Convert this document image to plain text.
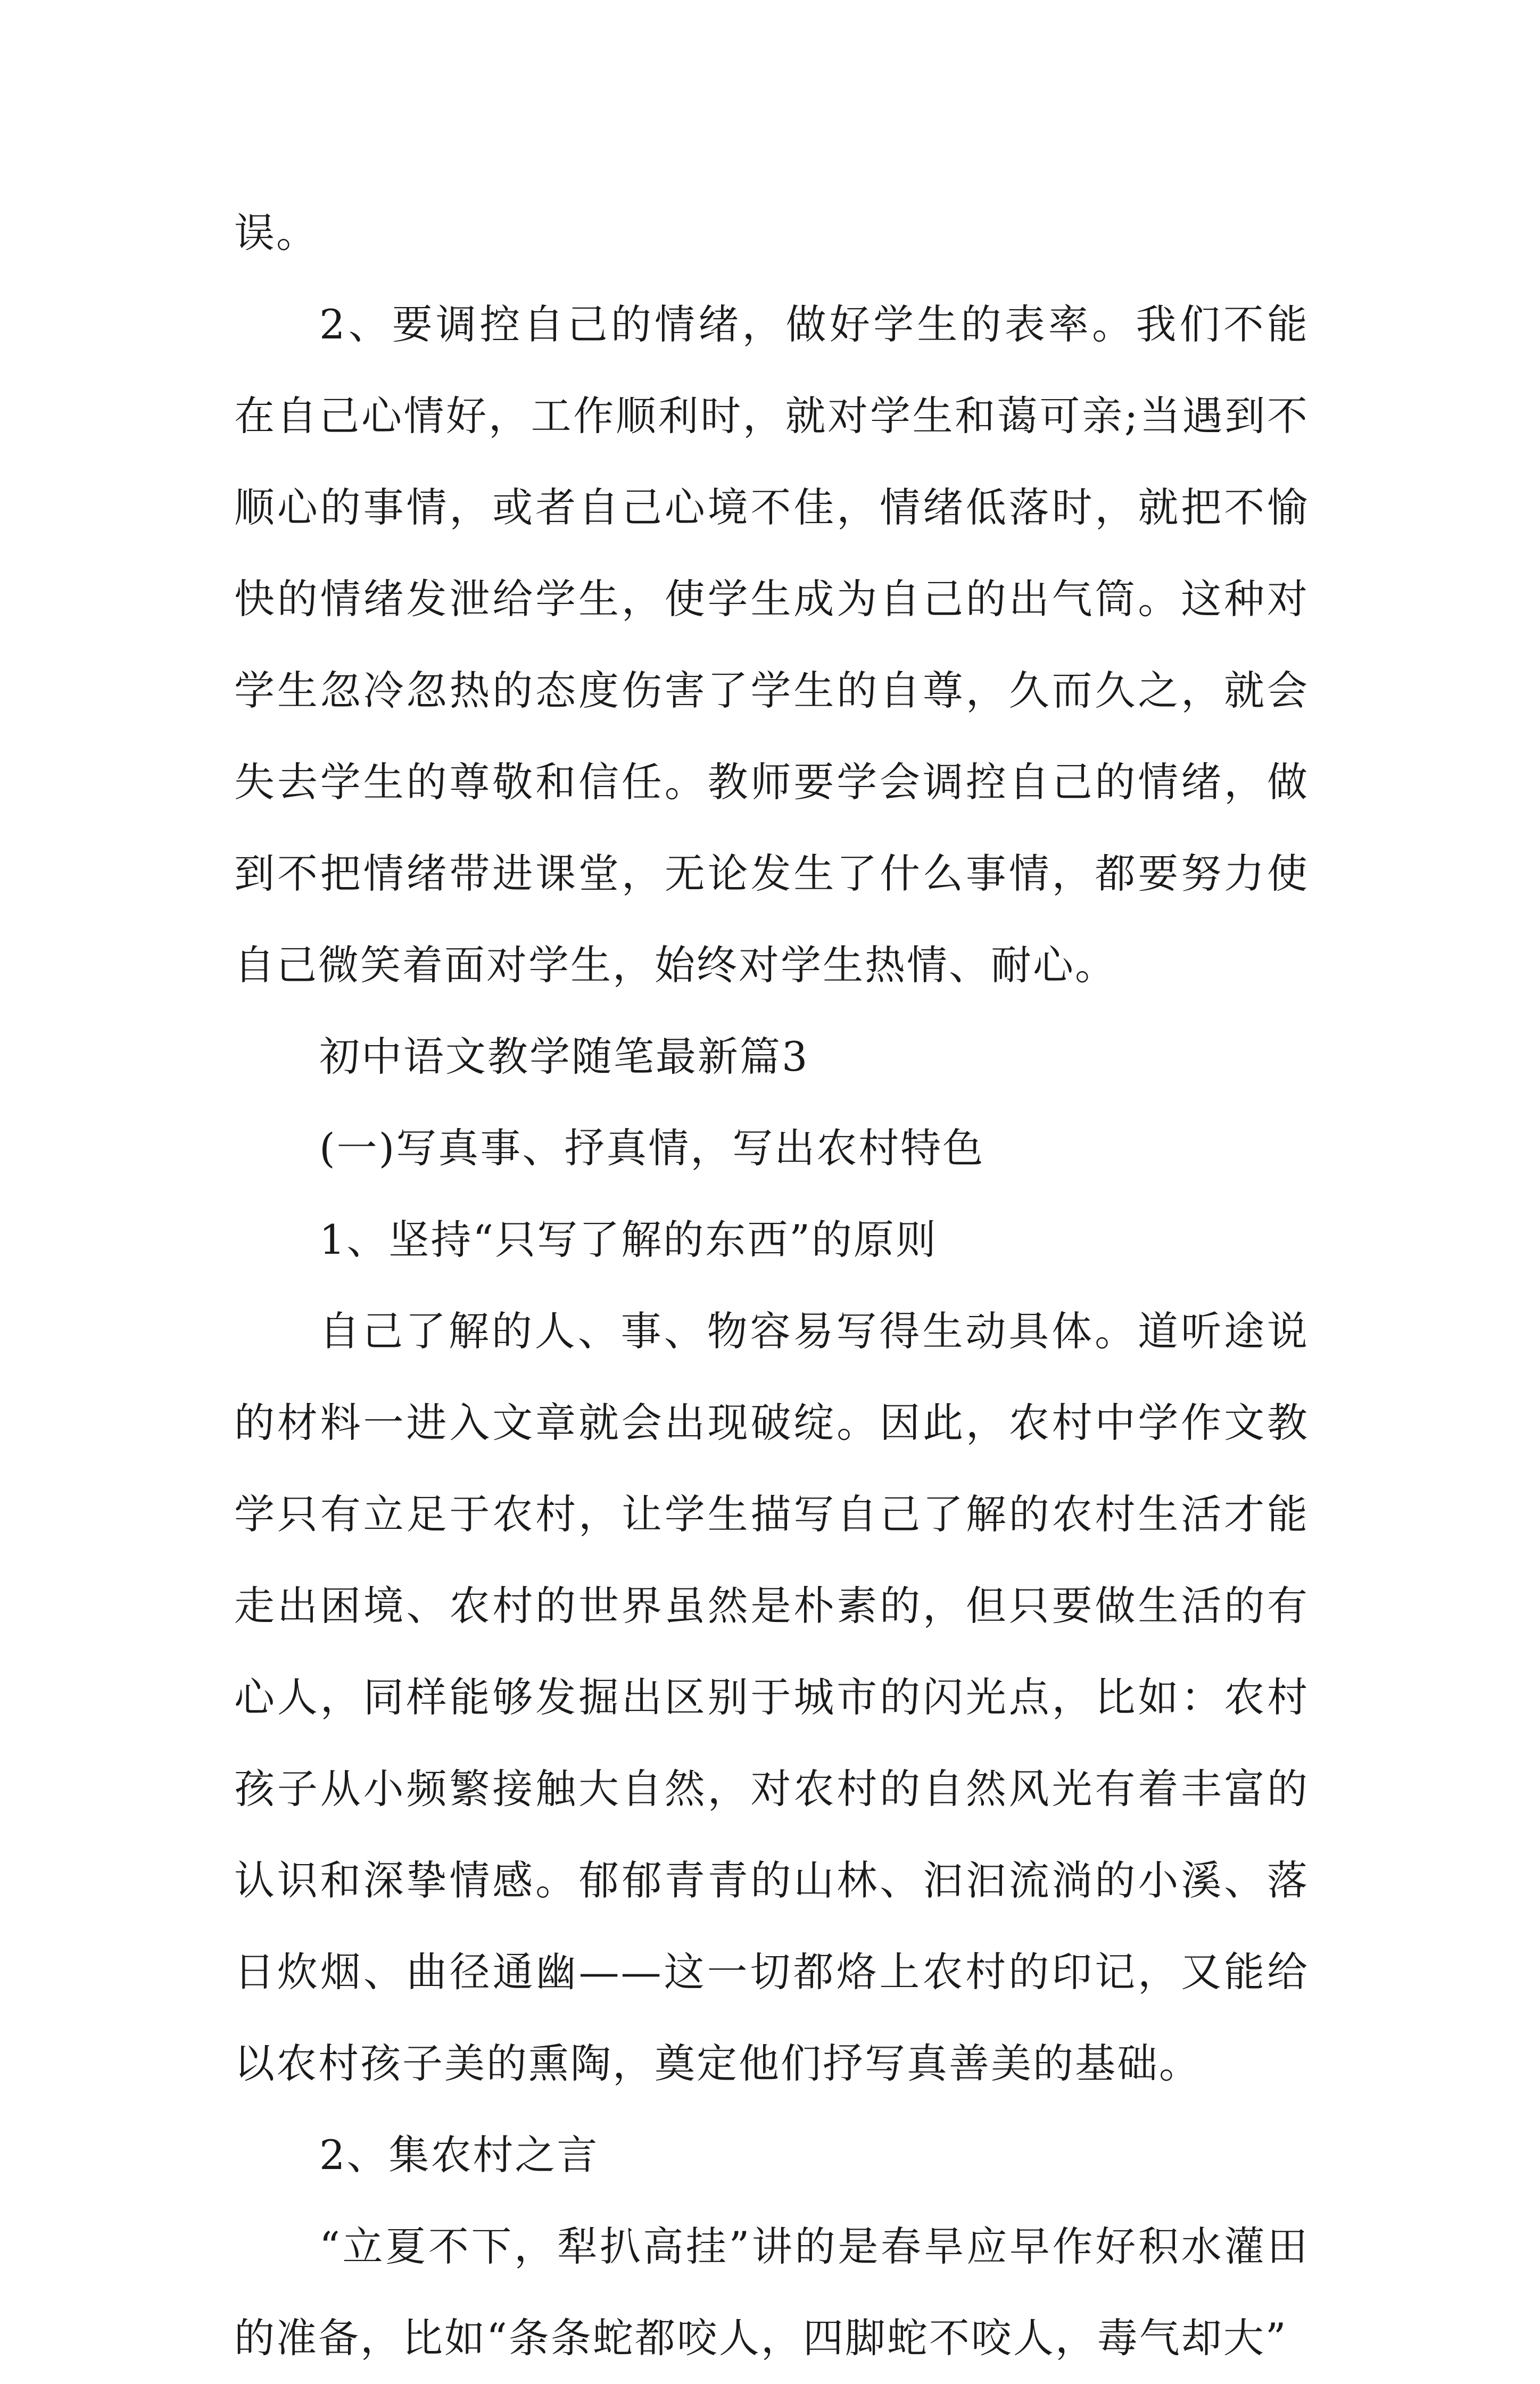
误。

2、要调控自己的情绪，做好学生的表率。我们不能在自己心情好，工作顺利时，就对学生和蔼可亲;当遇到不顺心的事情，或者自己心境不佳，情绪低落时，就把不愉快的情绪发泄给学生，使学生成为自己的出气筒。这种对学生忽冷忽热的态度伤害了学生的自尊，久而久之，就会失去学生的尊敬和信任。教师要学会调控自己的情绪，做到不把情绪带进课堂，无论发生了什么事情，都要努力使自己微笑着面对学生，始终对学生热情、耐心。

初中语文教学随笔最新篇3

(一)写真事、抒真情，写出农村特色

1、坚持“只写了解的东西”的原则

自己了解的人、事、物容易写得生动具体。道听途说的材料一进入文章就会出现破绽。因此，农村中学作文教学只有立足于农村，让学生描写自己了解的农村生活才能走出困境、农村的世界虽然是朴素的，但只要做生活的有心人，同样能够发掘出区别于城市的闪光点，比如：农村孩子从小频繁接触大自然，对农村的自然风光有着丰富的认识和深挚情感。郁郁青青的山林、汩汩流淌的小溪、落日炊烟、曲径通幽——这一切都烙上农村的印记，又能给以农村孩子美的熏陶，奠定他们抒写真善美的基础。

2、集农村之言

“立夏不下，犁扒高挂”讲的是春旱应早作好积水灌田的准备，比如“条条蛇都咬人，四脚蛇不咬人，毒气却大”
